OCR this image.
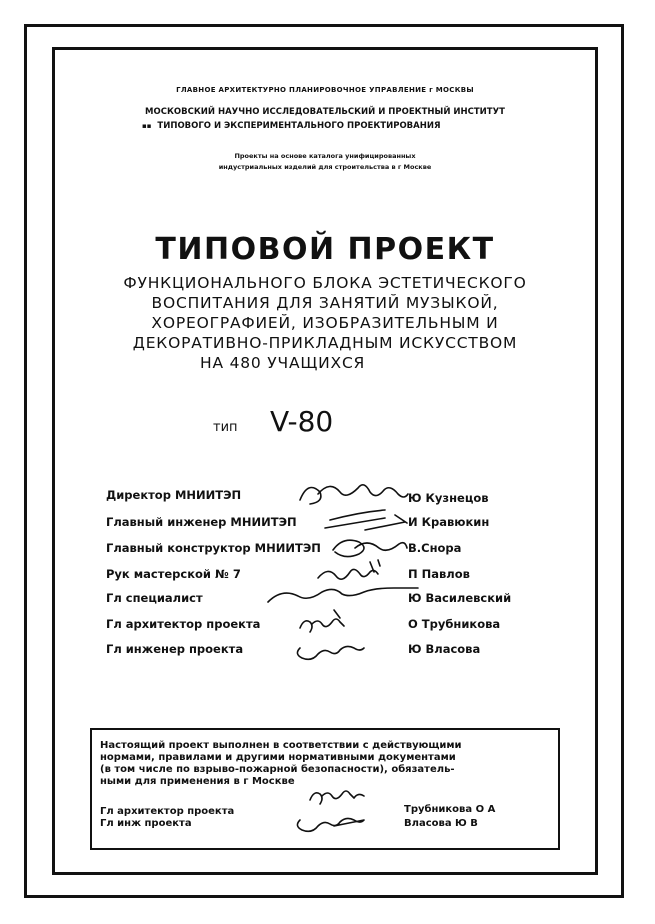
ГЛАВНОЕ АРХИТЕКТУРНО ПЛАНИРОВОЧНОЕ УПРАВЛЕНИЕ г МОСКВЫ
МОСКОВСКИЙ НАУЧНО ИССЛЕДОВАТЕЛЬСКИЙ И ПРОЕКТНЫЙ ИНСТИТУТ
▪▪ ТИПОВОГО И ЭКСПЕРИМЕНТАЛЬНОГО ПРОЕКТИРОВАНИЯ
Проекты на основе каталога унифицированных
индустриальных изделий для строительства в г Москве
ТИПОВОЙ ПРОЕКТ
ФУНКЦИОНАЛЬНОГО БЛОКА ЭСТЕТИЧЕСКОГО
ВОСПИТАНИЯ ДЛЯ ЗАНЯТИЙ МУЗЫКОЙ,
ХОРЕОГРАФИЕЙ, ИЗОБРАЗИТЕЛЬНЫМ И
ДЕКОРАТИВНО-ПРИКЛАДНЫМ ИСКУССТВОМ
НА 480 УЧАЩИХСЯ
тип V-80
Директор МНИИТЭП	Ю Кузнецов
Главный инженер МНИИТЭП	И Кравюкин
Главный конструктор МНИИТЭП	В.Снора
Рук мастерской № 7	П Павлов
Гл специалист	Ю Василевский
Гл архитектор проекта	О Трубникова
Гл инженер проекта	Ю Власова
Настоящий проект выполнен в соответствии с действующими
нормами, правилами и другими нормативными документами
(в том числе по взрыво-пожарной безопасности), обязатель-
ными для применения в г Москве
Гл архитектор проекта	Трубникова О А
Гл инж проекта	Власова Ю В
